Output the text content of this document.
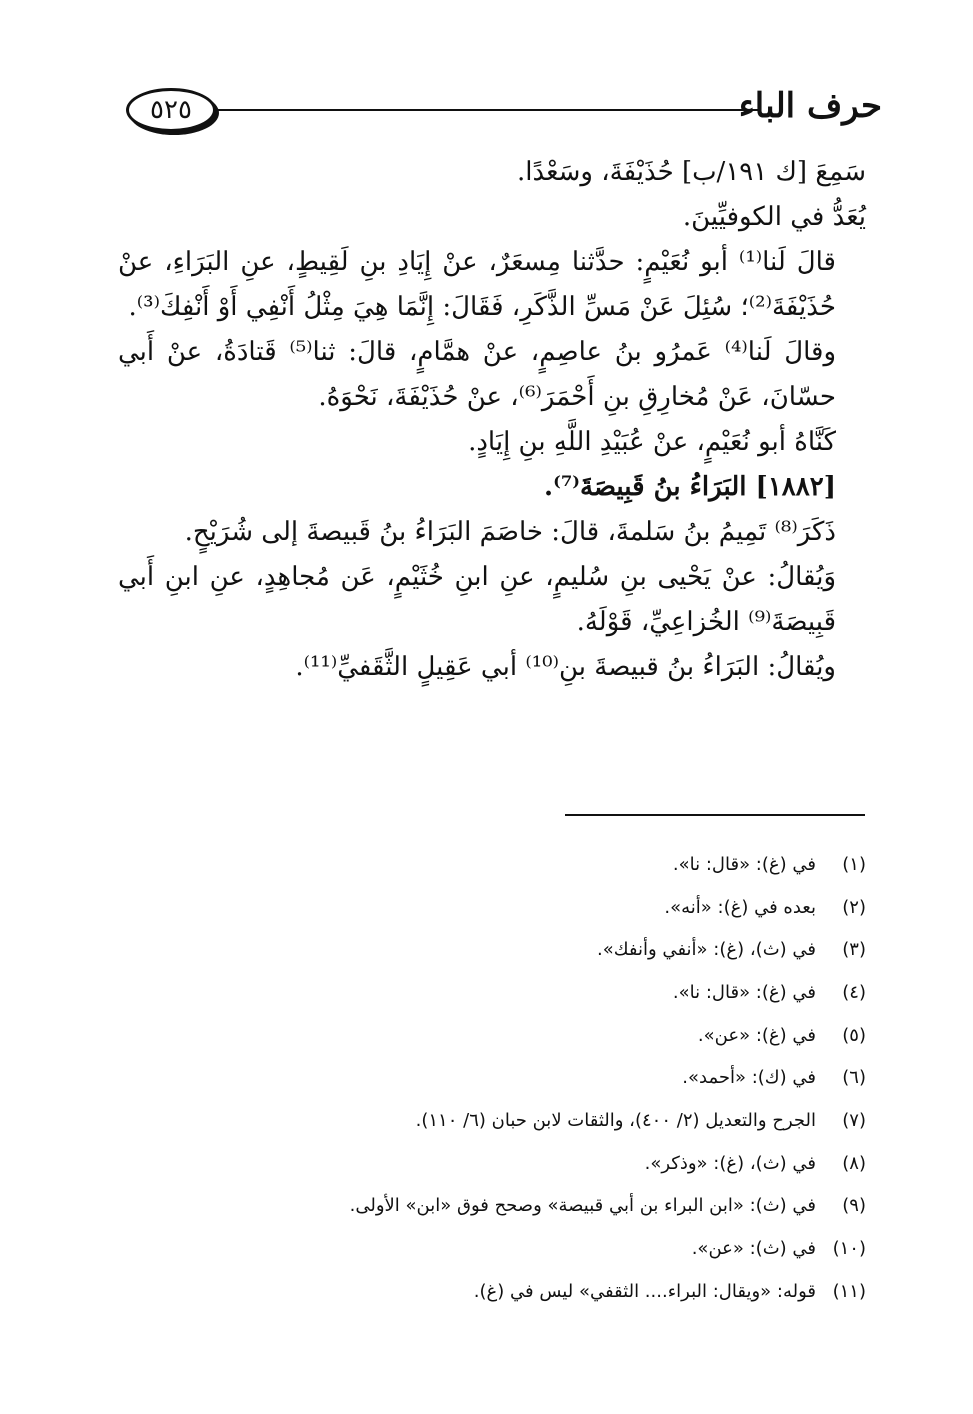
٥٢٥	حرف الباء

سَمِعَ [ك ١٩١/ب] حُذَيْفَةَ، وسَعْدًا.

يُعَدُّ في الكوفيِّينَ.

قالَ لَنا⁽¹⁾ أبو نُعَيْمٍ: حدَّثنا مِسعَرٌ، عنْ إِيَادِ بنِ لَقِيطٍ، عنِ البَرَاءِ، عنْ حُذَيْفَةَ⁽²⁾؛ سُئِلَ عَنْ مَسِّ الذَّكَرِ، فَقَالَ: إِنَّمَا هِيَ مِثْلُ أَنْفِي أَوْ أَنْفِكَ⁽³⁾.

وقالَ لَنا⁽⁴⁾ عَمرُو بنُ عاصِمٍ، عنْ همَّامٍ، قالَ: ثنا⁽⁵⁾ قَتادَةُ، عنْ أَبي حسّانَ، عَنْ مُخارِقِ بنِ أَحْمَرَ⁽⁶⁾، عنْ حُذَيْفَةَ، نَحْوَهُ.

كَنَّاهُ أبو نُعَيْمٍ، عنْ عُبَيْدِ اللَّهِ بنِ إِيَادٍ.

[١٨٨٢] البَرَاءُ بنُ قَبِيصَةَ⁽⁷⁾.

ذَكَرَ⁽⁸⁾ تَمِيمُ بنُ سَلمةَ، قالَ: خاصَمَ البَرَاءُ بنُ قَبيصةَ إلى شُرَيْحٍ.

وَيُقالُ: عنْ يَحْيى بنِ سُليمٍ، عنِ ابنِ خُثَيْمٍ، عَن مُجاهِدٍ، عنِ ابنِ أَبي قَبِيصَةَ⁽⁹⁾ الخُزاعِيِّ، قَوْلَهُ.

ويُقالُ: البَرَاءُ بنُ قبيصةَ بنِ⁽¹⁰⁾ أبي عَقِيلٍ الثَّقَفيِّ⁽¹¹⁾.

(١)
في (غ): «قال: نا».
(٢)
بعده في (غ): «أنه».
(٣)
في (ث)، (غ): «أنفي وأنفك».
(٤)
في (غ): «قال: نا».
(٥)
في (غ): «عن».
(٦)
في (ك): «أحمد».
(٧)
الجرح والتعديل (٢/ ٤٠٠)، والثقات لابن حبان (٦/ ١١٠).
(٨)
في (ث)، (غ): «وذكر».
(٩)
في (ث): «ابن البراء بن أبي قبيصة» وصحح فوق «ابن» الأولى.
(١٠)
في (ث): «عن».
(١١)
قوله: «ويقال: البراء.... الثقفي» ليس في (غ).
